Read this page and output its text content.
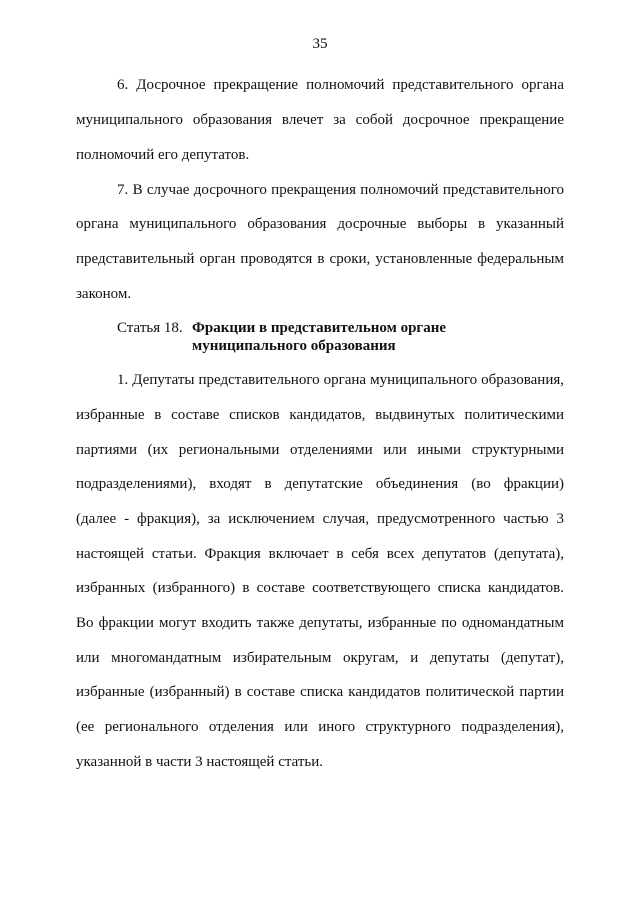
35
6. Досрочное прекращение полномочий представительного органа
муниципального образования влечет за собой досрочное прекращение
полномочий его депутатов.
7. В случае досрочного прекращения полномочий представительного
органа муниципального образования досрочные выборы в указанный
представительный орган проводятся в сроки, установленные федеральным
законом.
Статья 18. Фракции в представительном органе
муниципального образования
1. Депутаты представительного органа муниципального образования,
избранные в составе списков кандидатов, выдвинутых политическими
партиями (их региональными отделениями или иными структурными
подразделениями), входят в депутатские объединения (во фракции)
(далее - фракция), за исключением случая, предусмотренного частью 3
настоящей статьи. Фракция включает в себя всех депутатов (депутата),
избранных (избранного) в составе соответствующего списка кандидатов.
Во фракции могут входить также депутаты, избранные по одномандатным
или многомандатным избирательным округам, и депутаты (депутат),
избранные (избранный) в составе списка кандидатов политической партии
(ее регионального отделения или иного структурного подразделения),
указанной в части 3 настоящей статьи.
